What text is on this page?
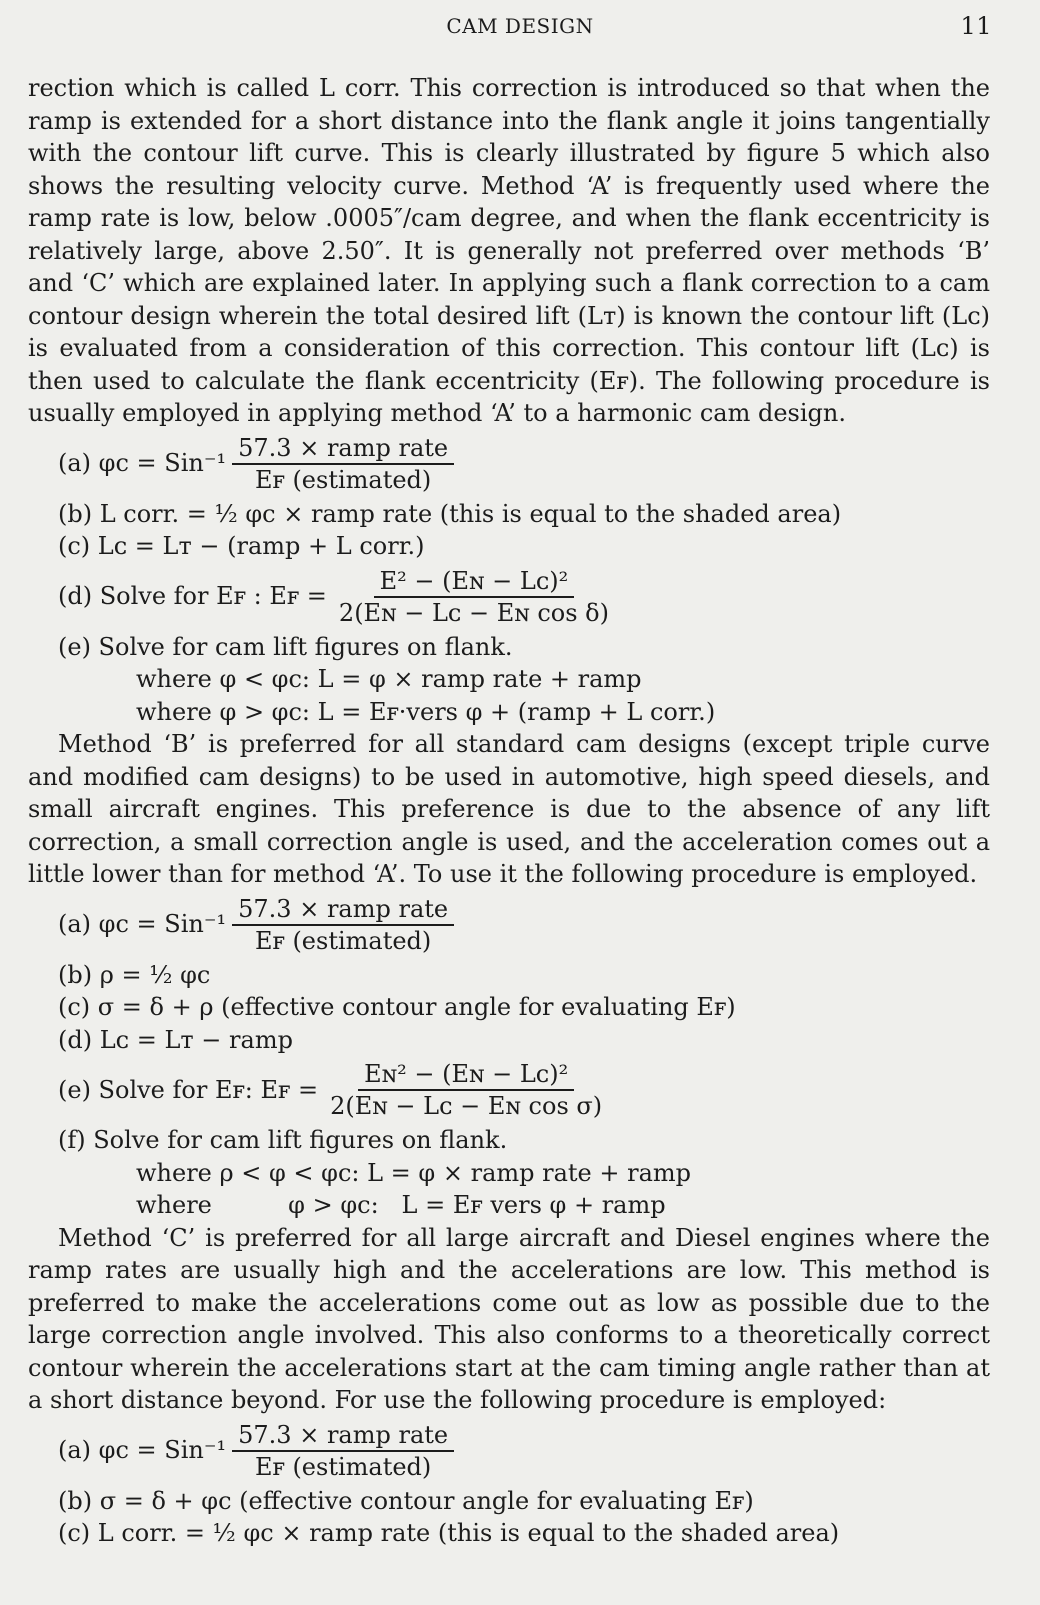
CAM DESIGN	11

rection which is called L corr. This correction is introduced so that when the ramp is extended for a short distance into the flank angle it joins tangentially with the contour lift curve. This is clearly illustrated by figure 5 which also shows the resulting velocity curve. Method ‘A’ is frequently used where the ramp rate is low, below .0005″/cam degree, and when the flank eccentricity is relatively large, above 2.50″. It is generally not preferred over methods ‘B’ and ‘C’ which are explained later. In applying such a flank correction to a cam contour design wherein the total desired lift (Lᴛ) is known the contour lift (Lᴄ) is evaluated from a consideration of this correction. This contour lift (Lᴄ) is then used to calculate the flank eccentricity (Eꜰ). The following procedure is usually employed in applying method ‘A’ to a harmonic cam design.

(a) $\varphi c = Sin^{-1} \frac{\text{57.3 × ramp rate}}{\text{Eꜰ (estimated)}}$

(b) L corr. = ½ φc × ramp rate (this is equal to the shaded area)

(c) Lᴄ = Lᴛ − (ramp + L corr.)

(d) Solve for Eꜰ : Eꜰ = $\frac{\text{E² − (Eɴ − Lᴄ)²}}{\text{2(Eɴ − Lᴄ − Eɴ cos δ)}}$

(e) Solve for cam lift figures on flank.

where φ < φc: L = φ × ramp rate + ramp

where φ > φc: L = Eꜰ·vers φ + (ramp + L corr.)

Method ‘B’ is preferred for all standard cam designs (except triple curve and modified cam designs) to be used in automotive, high speed diesels, and small aircraft engines. This preference is due to the absence of any lift correction, a small correction angle is used, and the acceleration comes out a little lower than for method ‘A’. To use it the following procedure is employed.

(a) $\varphi c = Sin^{-1} \frac{\text{57.3 × ramp rate}}{\text{Eꜰ (estimated)}}$

(b) ρ = ½ φc

(c) σ = δ + ρ (effective contour angle for evaluating Eꜰ)

(d) Lᴄ = Lᴛ − ramp

(e) Solve for Eꜰ: Eꜰ = $\frac{\text{Eɴ² − (Eɴ − Lᴄ)²}}{\text{2(Eɴ − Lᴄ − Eɴ cos σ)}}$

(f) Solve for cam lift figures on flank.

where ρ < φ < φc: L = φ × ramp rate + ramp

where          φ > φc:   L = Eꜰ vers φ + ramp

Method ‘C’ is preferred for all large aircraft and Diesel engines where the ramp rates are usually high and the accelerations are low. This method is preferred to make the accelerations come out as low as possible due to the large correction angle involved. This also conforms to a theoretically correct contour wherein the accelerations start at the cam timing angle rather than at a short distance beyond. For use the following procedure is employed:

(a) $\varphi c = Sin^{-1} \frac{\text{57.3 × ramp rate}}{\text{Eꜰ (estimated)}}$

(b) σ = δ + φc (effective contour angle for evaluating Eꜰ)

(c) L corr. = ½ φc × ramp rate (this is equal to the shaded area)
